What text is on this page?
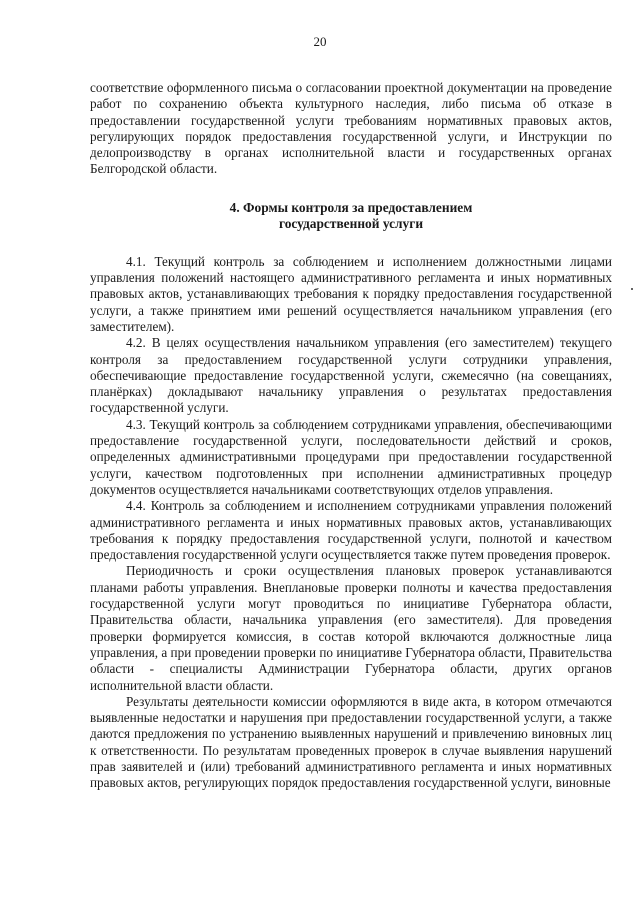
20

соответствие оформленного письма о согласовании проектной документации на проведение работ по сохранению объекта культурного наследия, либо письма об отказе в предоставлении государственной услуги требованиям нормативных правовых актов, регулирующих порядок предоставления государственной услуги, и Инструкции по делопроизводству в органах исполнительной власти и государственных органах Белгородской области.

4. Формы контроля за предоставлением
государственной услуги

4.1. Текущий контроль за соблюдением и исполнением должностными лицами управления положений настоящего административного регламента и иных нормативных правовых актов, устанавливающих требования к порядку предоставления государственной услуги, а также принятием ими решений осуществляется начальником управления (его заместителем).

4.2. В целях осуществления начальником управления (его заместителем) текущего контроля за предоставлением государственной услуги сотрудники управления, обеспечивающие предоставление государственной услуги, сжемесячно (на совещаниях, планёрках) докладывают начальнику управления о результатах предоставления государственной услуги.

4.3. Текущий контроль за соблюдением сотрудниками управления, обеспечивающими предоставление государственной услуги, последовательности действий и сроков, определенных административными процедурами при предоставлении государственной услуги, качеством подготовленных при исполнении административных процедур документов осуществляется начальниками соответствующих отделов управления.

4.4. Контроль за соблюдением и исполнением сотрудниками управления положений административного регламента и иных нормативных правовых актов, устанавливающих требования к порядку предоставления государственной услуги, полнотой и качеством предоставления государственной услуги осуществляется также путем проведения проверок.

Периодичность и сроки осуществления плановых проверок устанавливаются планами работы управления. Внеплановые проверки полноты и качества предоставления государственной услуги могут проводиться по инициативе Губернатора области, Правительства области, начальника управления (его заместителя). Для проведения проверки формируется комиссия, в состав которой включаются должностные лица управления, а при проведении проверки по инициативе Губернатора области, Правительства области - специалисты Администрации Губернатора области, других органов исполнительной власти области.

Результаты деятельности комиссии оформляются в виде акта, в котором отмечаются выявленные недостатки и нарушения при предоставлении государственной услуги, а также даются предложения по устранению выявленных нарушений и привлечению виновных лиц к ответственности. По результатам проведенных проверок в случае выявления нарушений прав заявителей и (или) требований административного регламента и иных нормативных правовых актов, регулирующих порядок предоставления государственной услуги, виновные
